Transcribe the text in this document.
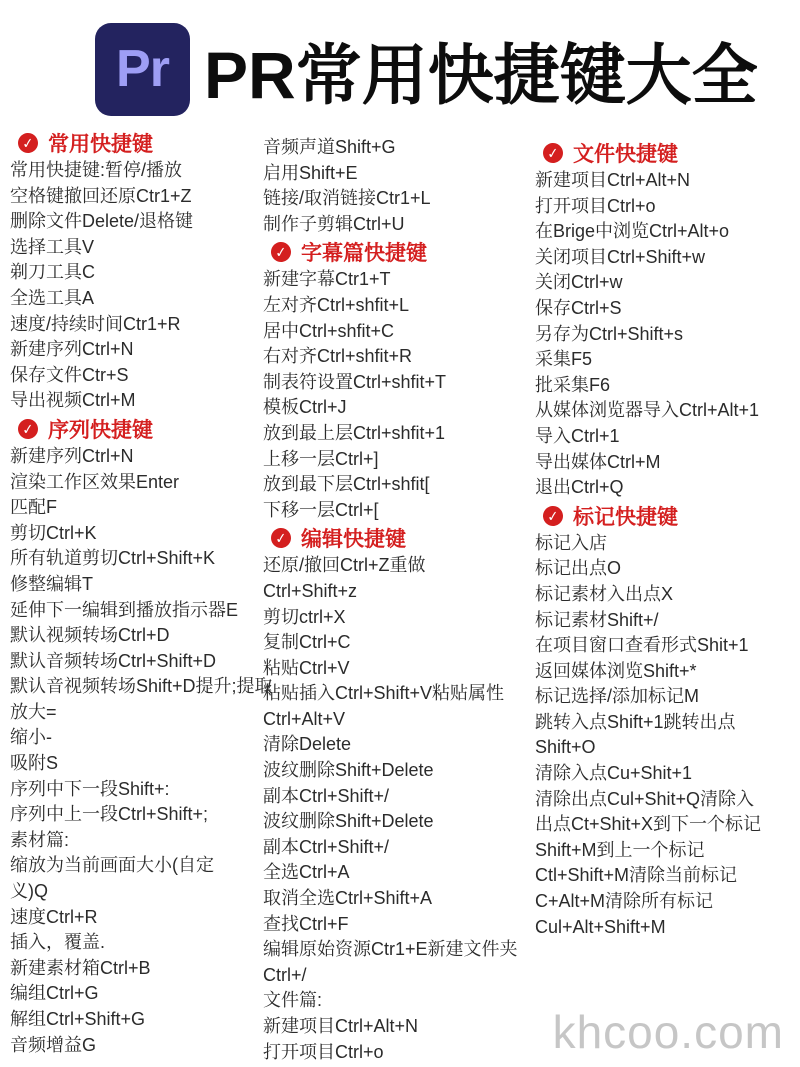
Pr PR常用快捷键大全
✓ 常用快捷键
常用快捷键:暂停/播放
空格键撤回还原Ctr1+Z
删除文件Delete/退格键
选择工具V
剃刀工具C
全选工具A
速度/持续时间Ctr1+R
新建序列Ctrl+N
保存文件Ctr+S
导出视频Ctrl+M
✓ 序列快捷键
新建序列Ctrl+N
渲染工作区效果Enter
匹配F
剪切Ctrl+K
所有轨道剪切Ctrl+Shift+K
修整编辑T
延伸下一编辑到播放指示器E
默认视频转场Ctrl+D
默认音频转场Ctrl+Shift+D
默认音视频转场Shift+D提升;提取
放大=
缩小-
吸附S
序列中下一段Shift+:
序列中上一段Ctrl+Shift+;
素材篇:
缩放为当前画面大小(自定
义)Q
速度Ctrl+R
插入，覆盖.
新建素材箱Ctrl+B
编组Ctrl+G
解组Ctrl+Shift+G
音频增益G
音频声道Shift+G
启用Shift+E
链接/取消链接Ctr1+L
制作子剪辑Ctrl+U
✓ 字幕篇快捷键
新建字幕Ctr1+T
左对齐Ctrl+shfit+L
居中Ctrl+shfit+C
右对齐Ctrl+shfit+R
制表符设置Ctrl+shfit+T
模板Ctrl+J
放到最上层Ctrl+shfit+1
上移一层Ctrl+]
放到最下层Ctrl+shfit[
下移一层Ctrl+[
✓ 编辑快捷键
还原/撤回Ctrl+Z重做
Ctrl+Shift+z
剪切ctrl+X
复制Ctrl+C
粘贴Ctrl+V
粘贴插入Ctrl+Shift+V粘贴属性
Ctrl+Alt+V
清除Delete
波纹删除Shift+Delete
副本Ctrl+Shift+/
波纹删除Shift+Delete
副本Ctrl+Shift+/
全选Ctrl+A
取消全选Ctrl+Shift+A
查找Ctrl+F
编辑原始资源Ctr1+E新建文件夹
Ctrl+/
文件篇:
新建项目Ctrl+Alt+N
打开项目Ctrl+o
✓ 文件快捷键
新建项目Ctrl+Alt+N
打开项目Ctrl+o
在Brige中浏览Ctrl+Alt+o
关闭项目Ctrl+Shift+w
关闭Ctrl+w
保存Ctrl+S
另存为Ctrl+Shift+s
采集F5
批采集F6
从媒体浏览器导入Ctrl+Alt+1
导入Ctrl+1
导出媒体Ctrl+M
退出Ctrl+Q
✓ 标记快捷键
标记入店
标记出点O
标记素材入出点X
标记素材Shift+/
在项目窗口查看形式Shit+1
返回媒体浏览Shift+*
标记选择/添加标记M
跳转入点Shift+1跳转出点
Shift+O
清除入点Cu+Shit+1
清除出点Cul+Shit+Q清除入
出点Ct+Shit+X到下一个标记
Shift+M到上一个标记
Ctl+Shift+M清除当前标记
C+Alt+M清除所有标记
Cul+Alt+Shift+M
khcoo.com
